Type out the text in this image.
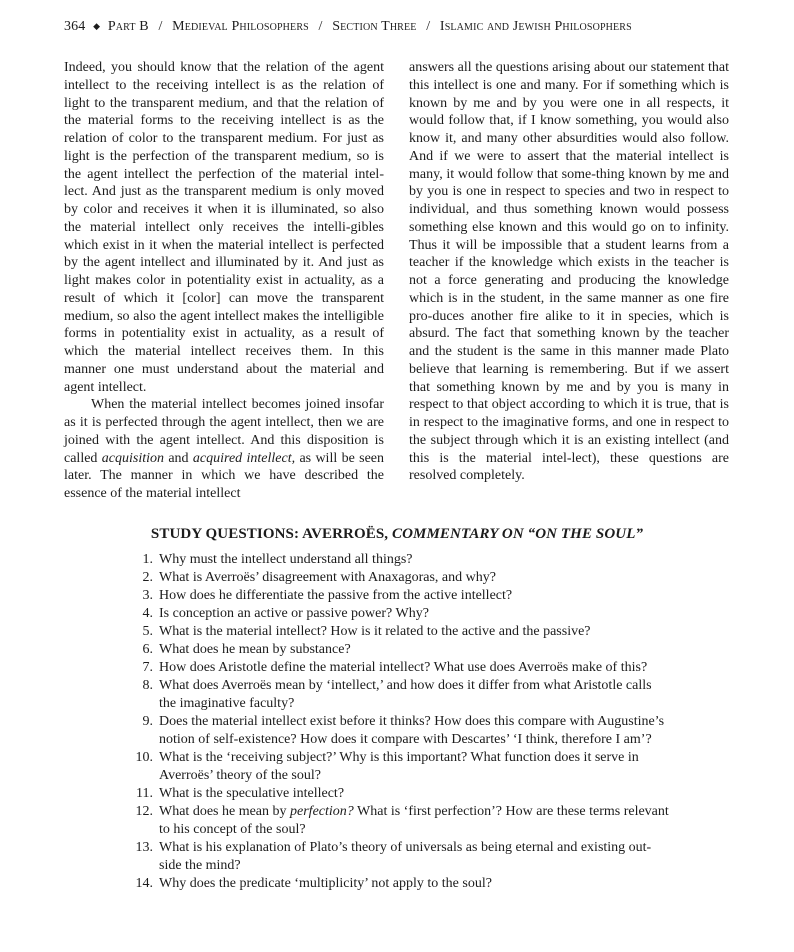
364 ◆ Part B / Medieval Philosophers / Section Three / Islamic and Jewish Philosophers

Indeed, you should know that the relation of the agent intellect to the receiving intellect is as the relation of light to the transparent medium, and that the relation of the material forms to the receiving intellect is as the relation of color to the transparent medium. For just as light is the perfection of the transparent medium, so is the agent intellect the perfection of the material intel-lect. And just as the transparent medium is only moved by color and receives it when it is illuminated, so also the material intellect only receives the intelli-gibles which exist in it when the material intellect is perfected by the agent intellect and illuminated by it. And just as light makes color in potentiality exist in actuality, as a result of which it [color] can move the transparent medium, so also the agent intellect makes the intelligible forms in potentiality exist in actuality, as a result of which the material intellect receives them. In this manner one must understand about the material and agent intellect.

When the material intellect becomes joined insofar as it is perfected through the agent intellect, then we are joined with the agent intellect. And this disposition is called acquisition and acquired intellect, as will be seen later. The manner in which we have described the essence of the material intellect

answers all the questions arising about our statement that this intellect is one and many. For if something which is known by me and by you were one in all respects, it would follow that, if I know something, you would also know it, and many other absurdities would also follow. And if we were to assert that the material intellect is many, it would follow that some-thing known by me and by you is one in respect to species and two in respect to individual, and thus something known would possess something else known and this would go on to infinity. Thus it will be impossible that a student learns from a teacher if the knowledge which exists in the teacher is not a force generating and producing the knowledge which is in the student, in the same manner as one fire pro-duces another fire alike to it in species, which is absurd. The fact that something known by the teacher and the student is the same in this manner made Plato believe that learning is remembering. But if we assert that something known by me and by you is many in respect to that object according to which it is true, that is in respect to the imaginative forms, and one in respect to the subject through which it is an existing intellect (and this is the material intel-lect), these questions are resolved completely.

STUDY QUESTIONS: AVERROËS, COMMENTARY ON “ON THE SOUL”
1. Why must the intellect understand all things?
2. What is Averroës’ disagreement with Anaxagoras, and why?
3. How does he differentiate the passive from the active intellect?
4. Is conception an active or passive power? Why?
5. What is the material intellect? How is it related to the active and the passive?
6. What does he mean by substance?
7. How does Aristotle define the material intellect? What use does Averroës make of this?
8. What does Averroës mean by ‘intellect,’ and how does it differ from what Aristotle calls the imaginative faculty?
9. Does the material intellect exist before it thinks? How does this compare with Augustine’s notion of self-existence? How does it compare with Descartes’ ‘I think, therefore I am’?
10. What is the ‘receiving subject?’ Why is this important? What function does it serve in Averroës’ theory of the soul?
11. What is the speculative intellect?
12. What does he mean by perfection? What is ‘first perfection’? How are these terms relevant to his concept of the soul?
13. What is his explanation of Plato’s theory of universals as being eternal and existing out-side the mind?
14. Why does the predicate ‘multiplicity’ not apply to the soul?
